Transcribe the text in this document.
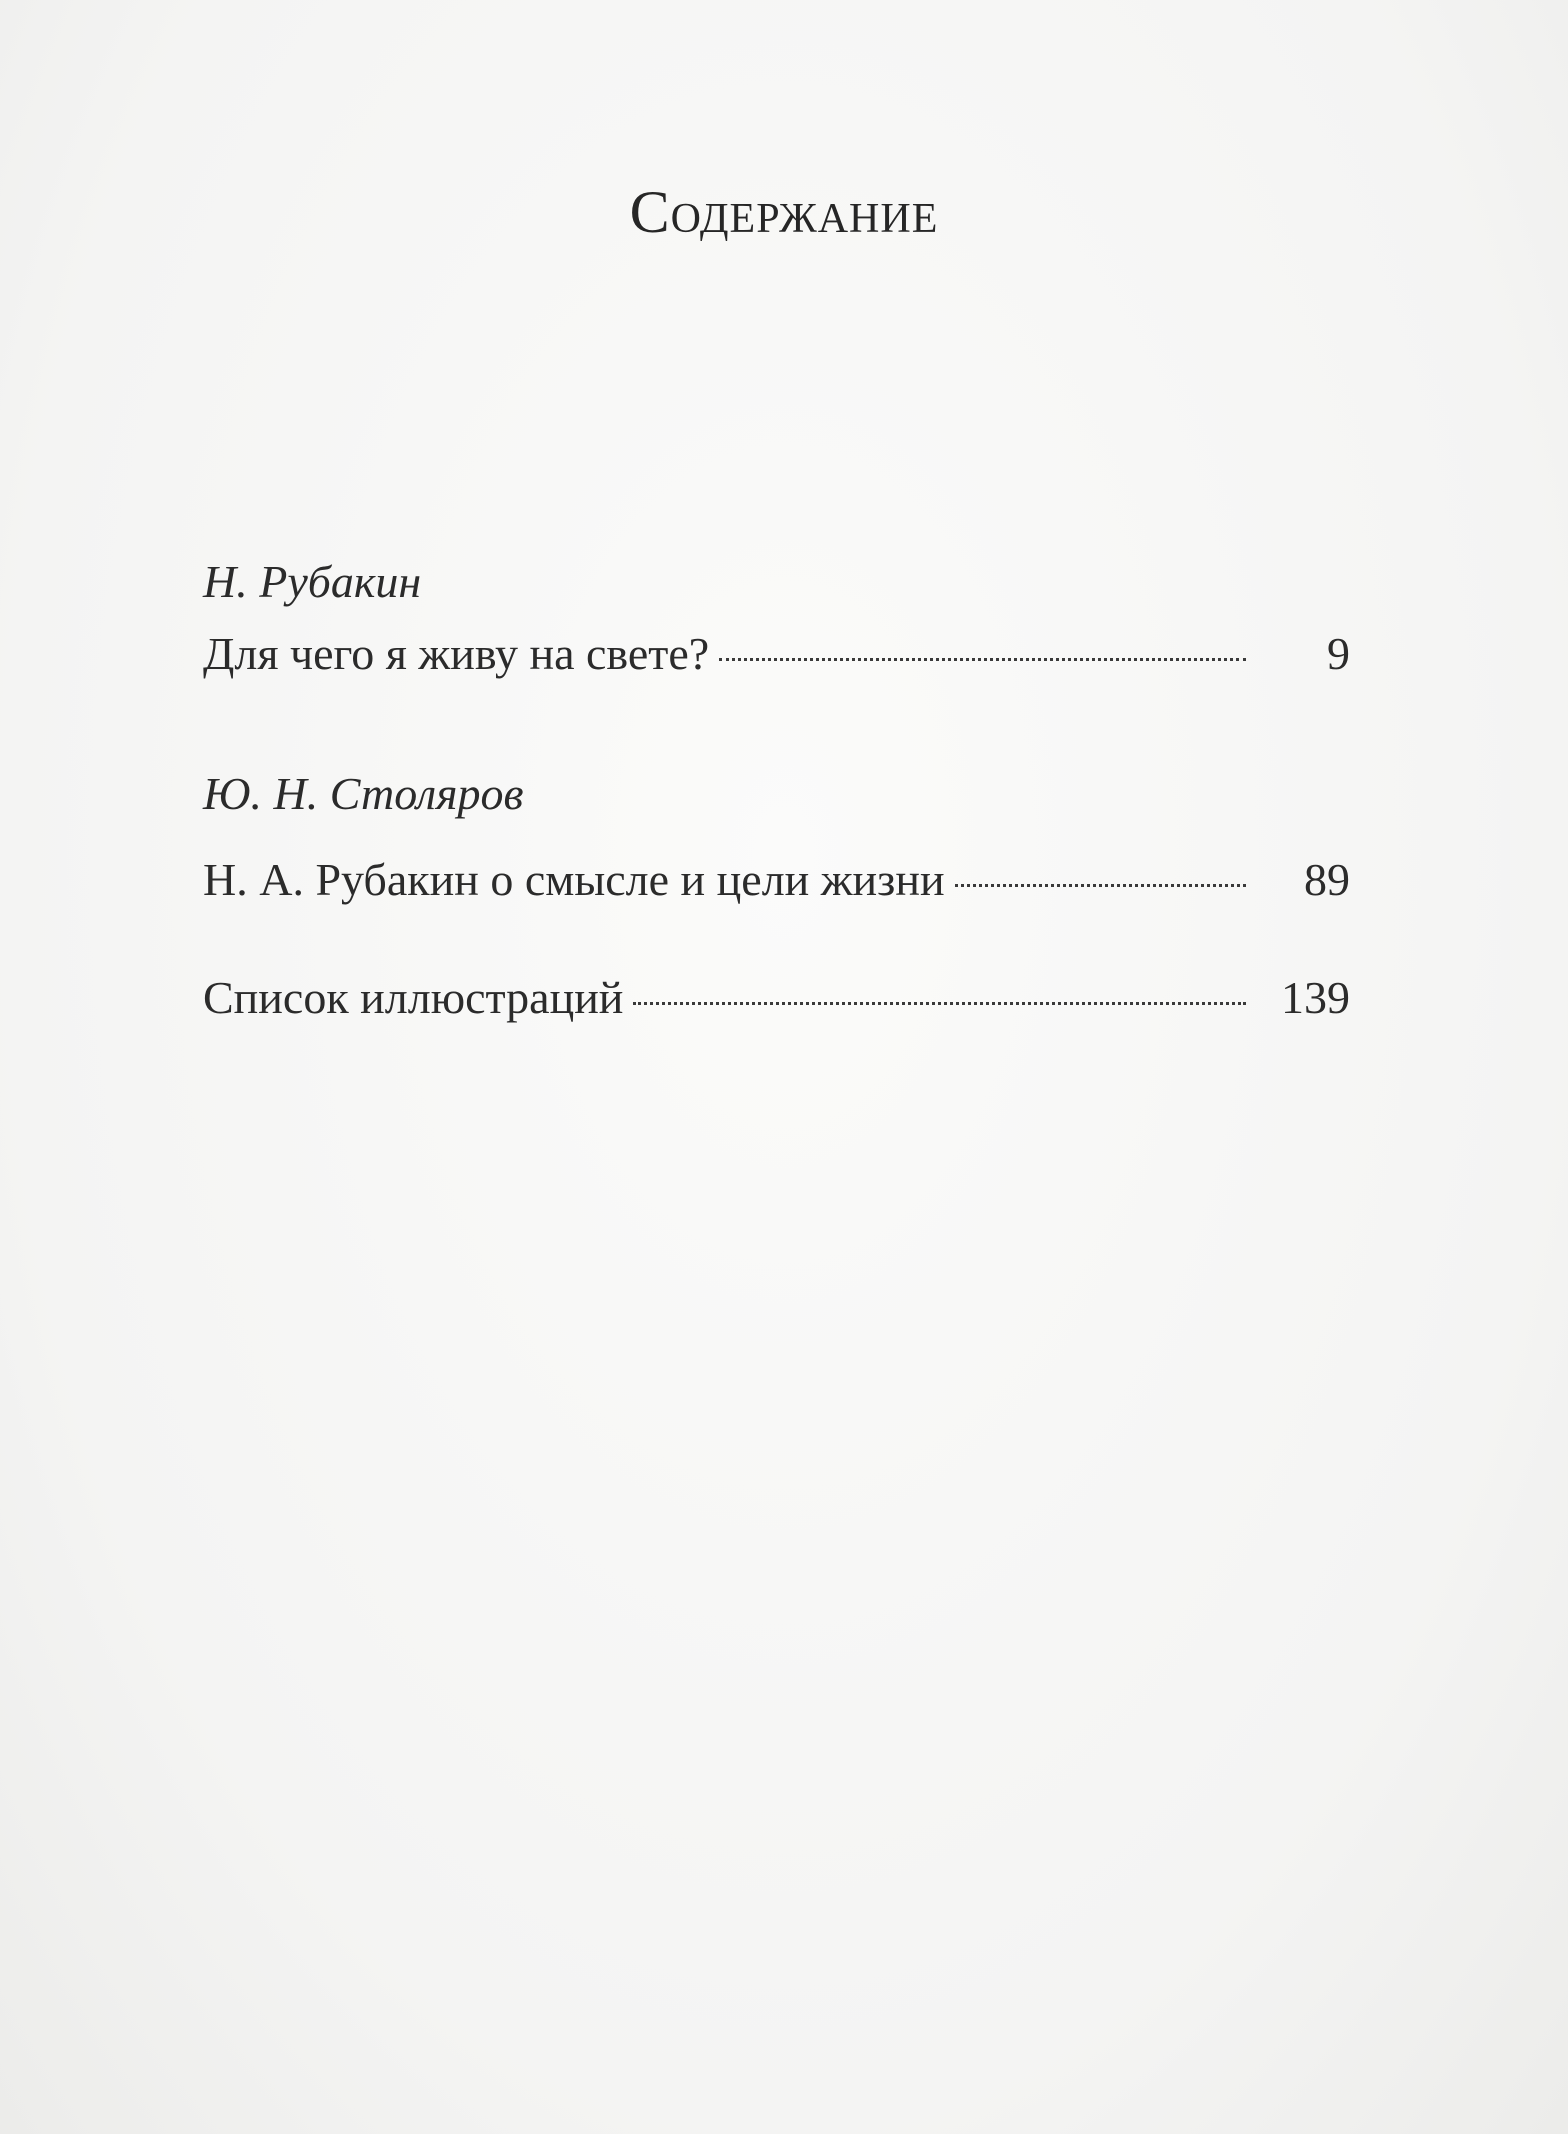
Содержание
Н. Рубакин
Для чего я живу на свете?	9
Ю. Н. Столяров
Н. А. Рубакин о смысле и цели жизни	89
Список иллюстраций	139
